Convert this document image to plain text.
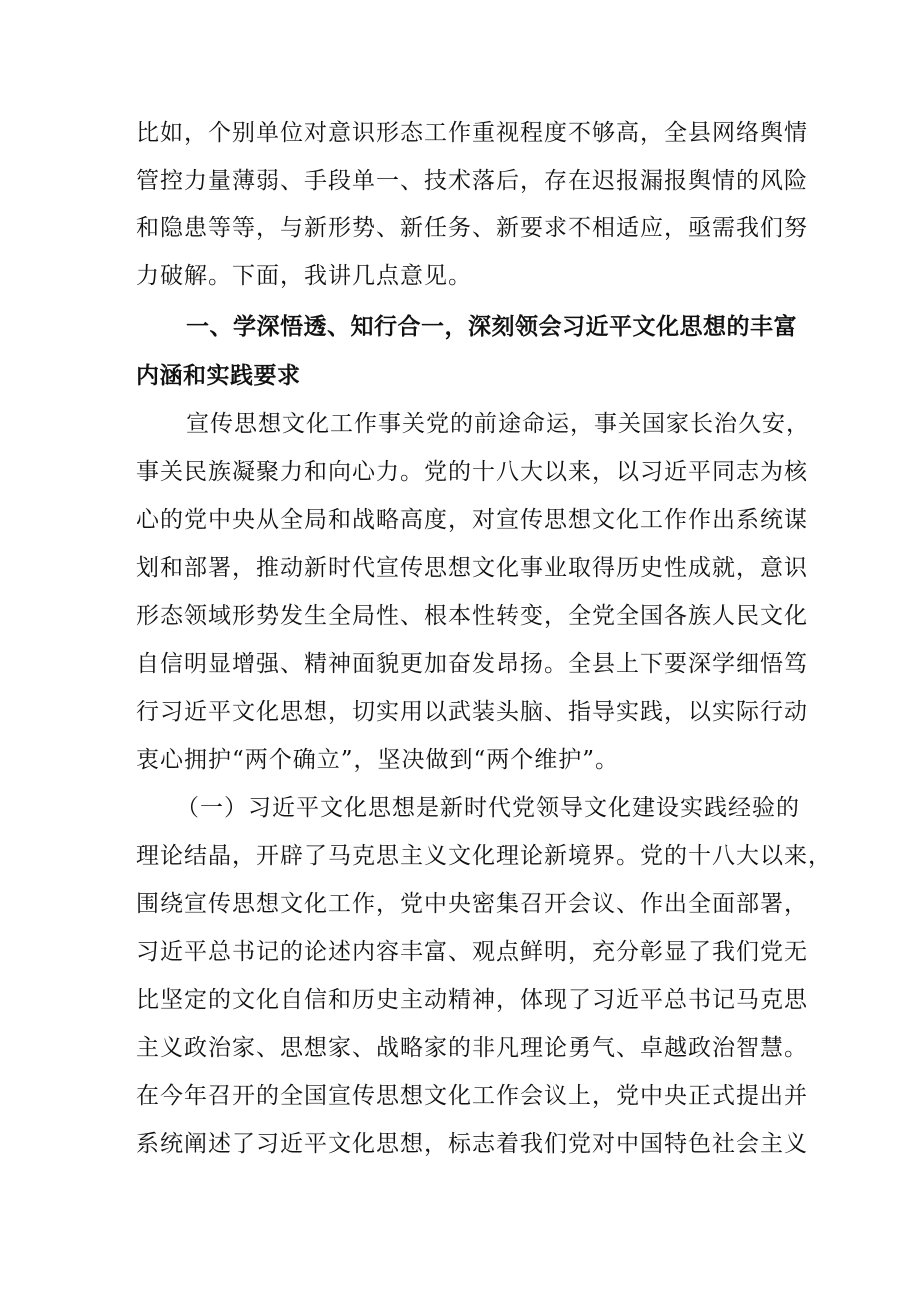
比如，个别单位对意识形态工作重视程度不够高，全县网络舆情
管控力量薄弱、手段单一、技术落后，存在迟报漏报舆情的风险
和隐患等等，与新形势、新任务、新要求不相适应，亟需我们努
力破解。下面，我讲几点意见。
一、学深悟透、知行合一，深刻领会习近平文化思想的丰富
内涵和实践要求
宣传思想文化工作事关党的前途命运，事关国家长治久安，
事关民族凝聚力和向心力。党的十八大以来，以习近平同志为核
心的党中央从全局和战略高度，对宣传思想文化工作作出系统谋
划和部署，推动新时代宣传思想文化事业取得历史性成就，意识
形态领域形势发生全局性、根本性转变，全党全国各族人民文化
自信明显增强、精神面貌更加奋发昂扬。全县上下要深学细悟笃
行习近平文化思想，切实用以武装头脑、指导实践，以实际行动
衷心拥护“两个确立”，坚决做到“两个维护”。
（一）习近平文化思想是新时代党领导文化建设实践经验的
理论结晶，开辟了马克思主义文化理论新境界。党的十八大以来，
围绕宣传思想文化工作，党中央密集召开会议、作出全面部署，
习近平总书记的论述内容丰富、观点鲜明，充分彰显了我们党无
比坚定的文化自信和历史主动精神，体现了习近平总书记马克思
主义政治家、思想家、战略家的非凡理论勇气、卓越政治智慧。
在今年召开的全国宣传思想文化工作会议上，党中央正式提出并
系统阐述了习近平文化思想，标志着我们党对中国特色社会主义
